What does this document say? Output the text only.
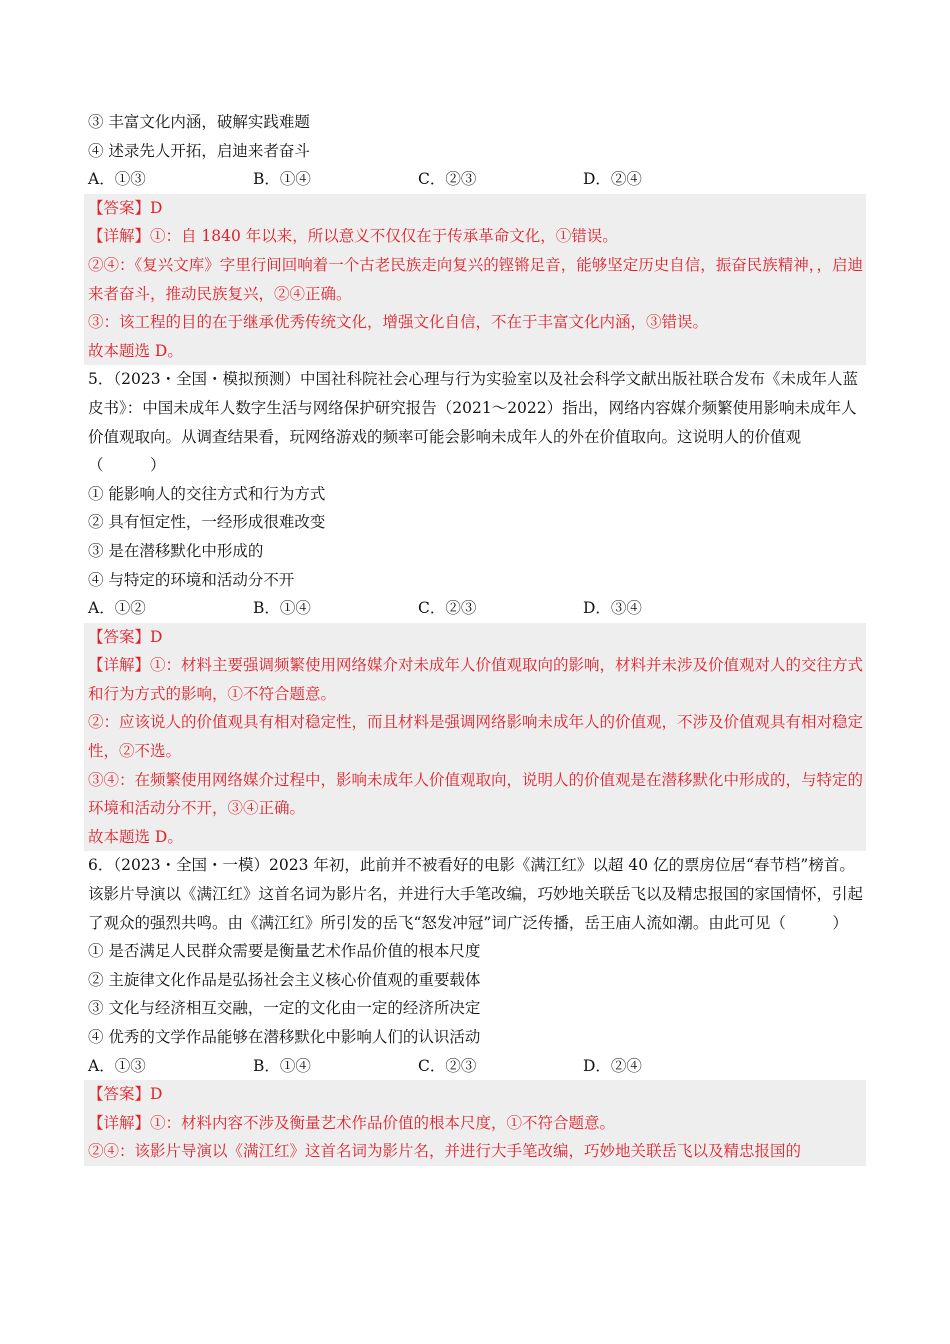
③ 丰富文化内涵，破解实践难题
④ 述录先人开拓，启迪来者奋斗
A．①③	B．①④	C．②③	D．②④
【答案】D
【详解】①：自 1840 年以来，所以意义不仅仅在于传承革命文化，①错误。
②④：《复兴文库》字里行间回响着一个古老民族走向复兴的铿锵足音，能够坚定历史自信，振奋民族精神，，启迪来者奋斗，推动民族复兴，②④正确。
③：该工程的目的在于继承优秀传统文化，增强文化自信，不在于丰富文化内涵，③错误。
故本题选 D。
5．（2023・全国・模拟预测）中国社科院社会心理与行为实验室以及社会科学文献出版社联合发布《未成年人蓝皮书》：中国未成年人数字生活与网络保护研究报告（2021～2022）指出，网络内容媒介频繁使用影响未成年人价值观取向。从调查结果看，玩网络游戏的频率可能会影响未成年人的外在价值取向。这说明人的价值观（　　　）
① 能影响人的交往方式和行为方式
② 具有恒定性，一经形成很难改变
③ 是在潜移默化中形成的
④ 与特定的环境和活动分不开
A．①②	B．①④	C．②③	D．③④
【答案】D
【详解】①：材料主要强调频繁使用网络媒介对未成年人价值观取向的影响，材料并未涉及价值观对人的交往方式和行为方式的影响，①不符合题意。
②：应该说人的价值观具有相对稳定性，而且材料是强调网络影响未成年人的价值观，不涉及价值观具有相对稳定性，②不选。
③④：在频繁使用网络媒介过程中，影响未成年人价值观取向，说明人的价值观是在潜移默化中形成的，与特定的环境和活动分不开，③④正确。
故本题选 D。
6．（2023・全国・一模）2023 年初，此前并不被看好的电影《满江红》以超 40 亿的票房位居“春节档”榜首。该影片导演以《满江红》这首名词为影片名，并进行大手笔改编，巧妙地关联岳飞以及精忠报国的家国情怀，引起了观众的强烈共鸣。由《满江红》所引发的岳飞“怒发冲冠”词广泛传播，岳王庙人流如潮。由此可见（　　　）
① 是否满足人民群众需要是衡量艺术作品价值的根本尺度
② 主旋律文化作品是弘扬社会主义核心价值观的重要载体
③ 文化与经济相互交融，一定的文化由一定的经济所决定
④ 优秀的文学作品能够在潜移默化中影响人们的认识活动
A．①③	B．①④	C．②③	D．②④
【答案】D
【详解】①：材料内容不涉及衡量艺术作品价值的根本尺度，①不符合题意。
②④：该影片导演以《满江红》这首名词为影片名，并进行大手笔改编，巧妙地关联岳飞以及精忠报国的
